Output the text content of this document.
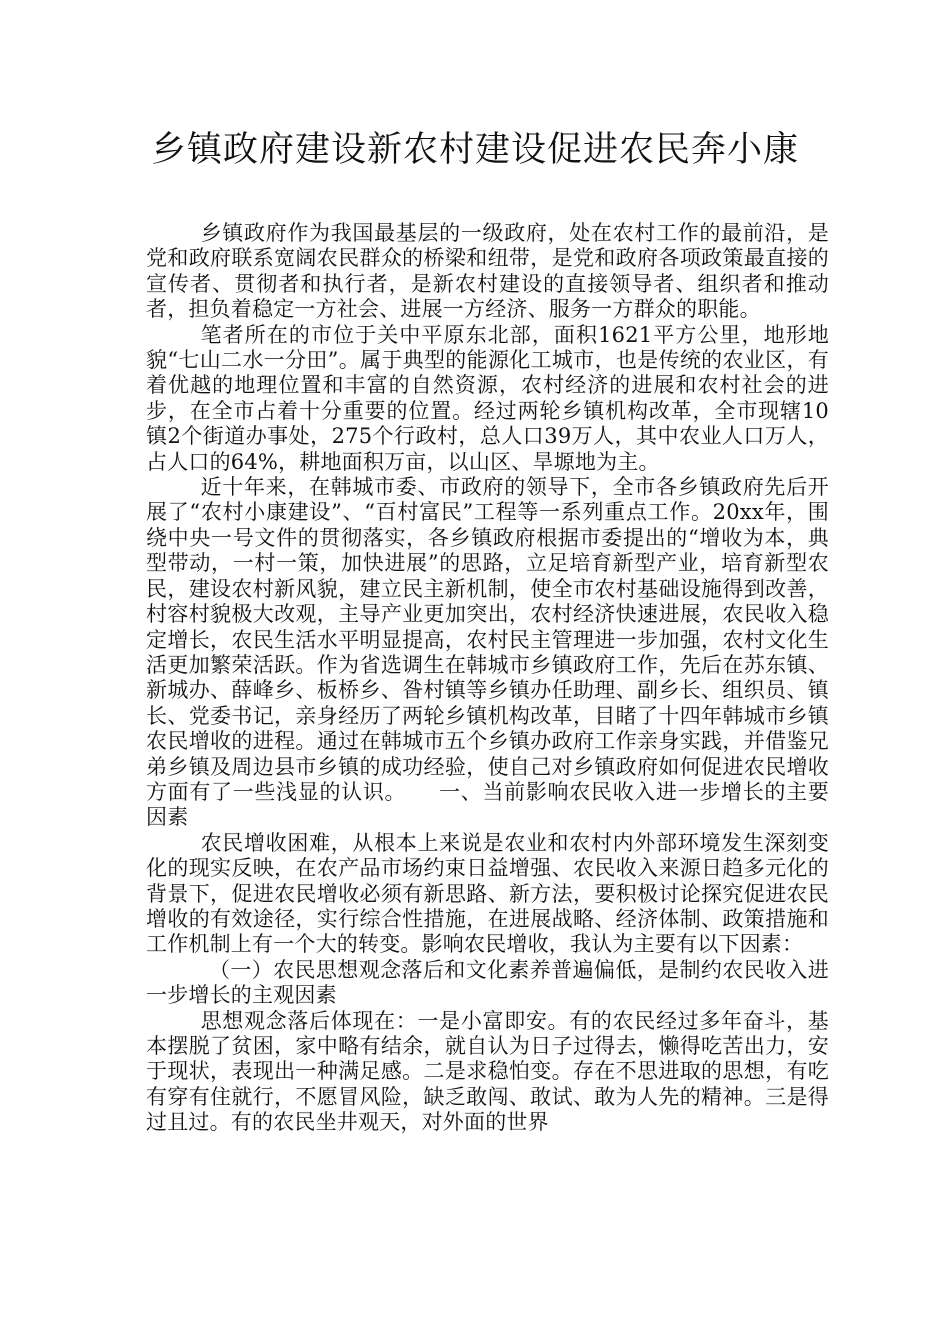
乡镇政府建设新农村建设促进农民奔小康

乡镇政府作为我国最基层的一级政府，处在农村工作的最前沿，是党和政府联系宽阔农民群众的桥梁和纽带，是党和政府各项政策最直接的宣传者、贯彻者和执行者，是新农村建设的直接领导者、组织者和推动者，担负着稳定一方社会、进展一方经济、服务一方群众的职能。

笔者所在的市位于关中平原东北部，面积1621平方公里，地形地貌“七山二水一分田”。属于典型的能源化工城市，也是传统的农业区，有着优越的地理位置和丰富的自然资源，农村经济的进展和农村社会的进步，在全市占着十分重要的位置。经过两轮乡镇机构改革，全市现辖10镇2个街道办事处，275个行政村，总人口39万人，其中农业人口万人，占人口的64%，耕地面积万亩，以山区、旱塬地为主。

近十年来，在韩城市委、市政府的领导下，全市各乡镇政府先后开展了“农村小康建设”、“百村富民”工程等一系列重点工作。20xx年，围绕中央一号文件的贯彻落实，各乡镇政府根据市委提出的“增收为本，典型带动，一村一策，加快进展”的思路，立足培育新型产业，培育新型农民，建设农村新风貌，建立民主新机制，使全市农村基础设施得到改善，村容村貌极大改观，主导产业更加突出，农村经济快速进展，农民收入稳定增长，农民生活水平明显提高，农村民主管理进一步加强，农村文化生活更加繁荣活跃。作为省选调生在韩城市乡镇政府工作，先后在苏东镇、新城办、薛峰乡、板桥乡、昝村镇等乡镇办任助理、副乡长、组织员、镇长、党委书记，亲身经历了两轮乡镇机构改革，目睹了十四年韩城市乡镇农民增收的进程。通过在韩城市五个乡镇办政府工作亲身实践，并借鉴兄弟乡镇及周边县市乡镇的成功经验，使自己对乡镇政府如何促进农民增收方面有了一些浅显的认识。　　一、当前影响农民收入进一步增长的主要因素

农民增收困难，从根本上来说是农业和农村内外部环境发生深刻变化的现实反映，在农产品市场约束日益增强、农民收入来源日趋多元化的背景下，促进农民增收必须有新思路、新方法，要积极讨论探究促进农民增收的有效途径，实行综合性措施，在进展战略、经济体制、政策措施和工作机制上有一个大的转变。影响农民增收，我认为主要有以下因素：

（一）农民思想观念落后和文化素养普遍偏低，是制约农民收入进一步增长的主观因素

思想观念落后体现在：一是小富即安。有的农民经过多年奋斗，基本摆脱了贫困，家中略有结余，就自认为日子过得去，懒得吃苦出力，安于现状，表现出一种满足感。二是求稳怕变。存在不思进取的思想，有吃有穿有住就行，不愿冒风险，缺乏敢闯、敢试、敢为人先的精神。三是得过且过。有的农民坐井观天，对外面的世界
